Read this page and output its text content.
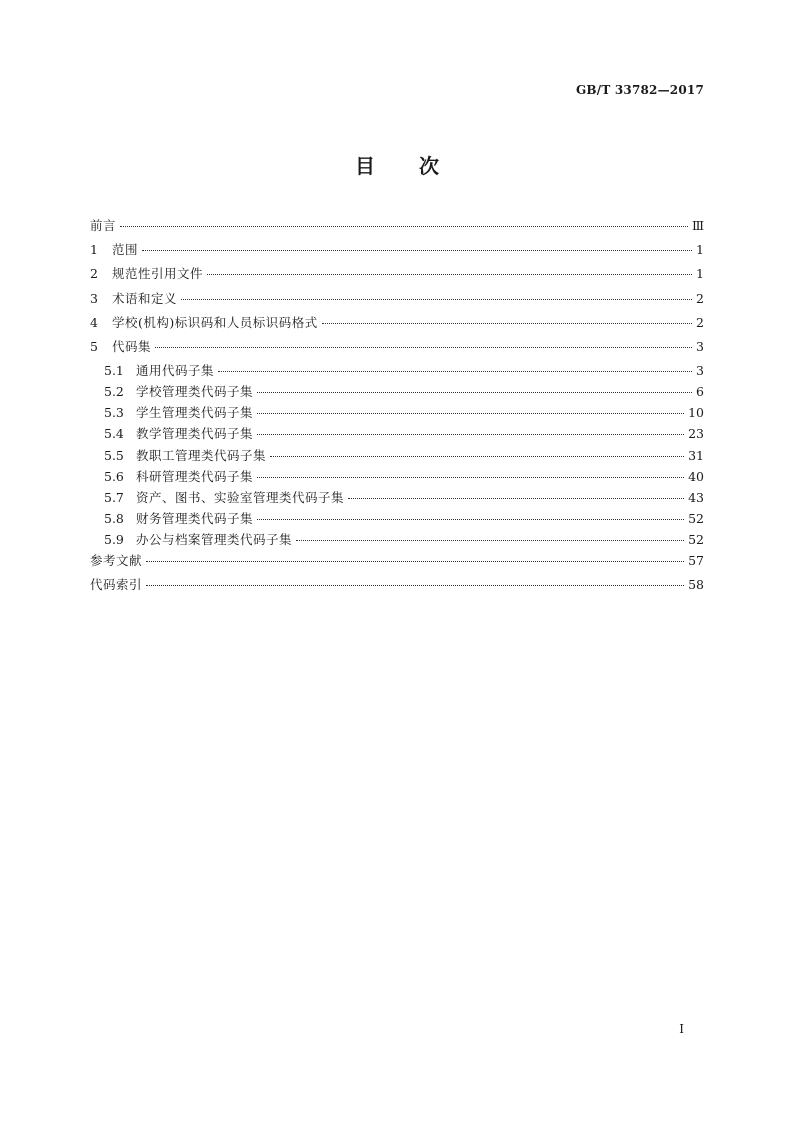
GB/T 33782—2017
目 次
前言	Ⅲ
1	范围	1
2	规范性引用文件	1
3	术语和定义	2
4	学校(机构)标识码和人员标识码格式	2
5	代码集	3
5.1 通用代码子集	3
5.2 学校管理类代码子集	6
5.3 学生管理类代码子集	10
5.4 教学管理类代码子集	23
5.5 教职工管理类代码子集	31
5.6 科研管理类代码子集	40
5.7 资产、图书、实验室管理类代码子集	43
5.8 财务管理类代码子集	52
5.9 办公与档案管理类代码子集	52
参考文献	57
代码索引	58
Ⅰ
